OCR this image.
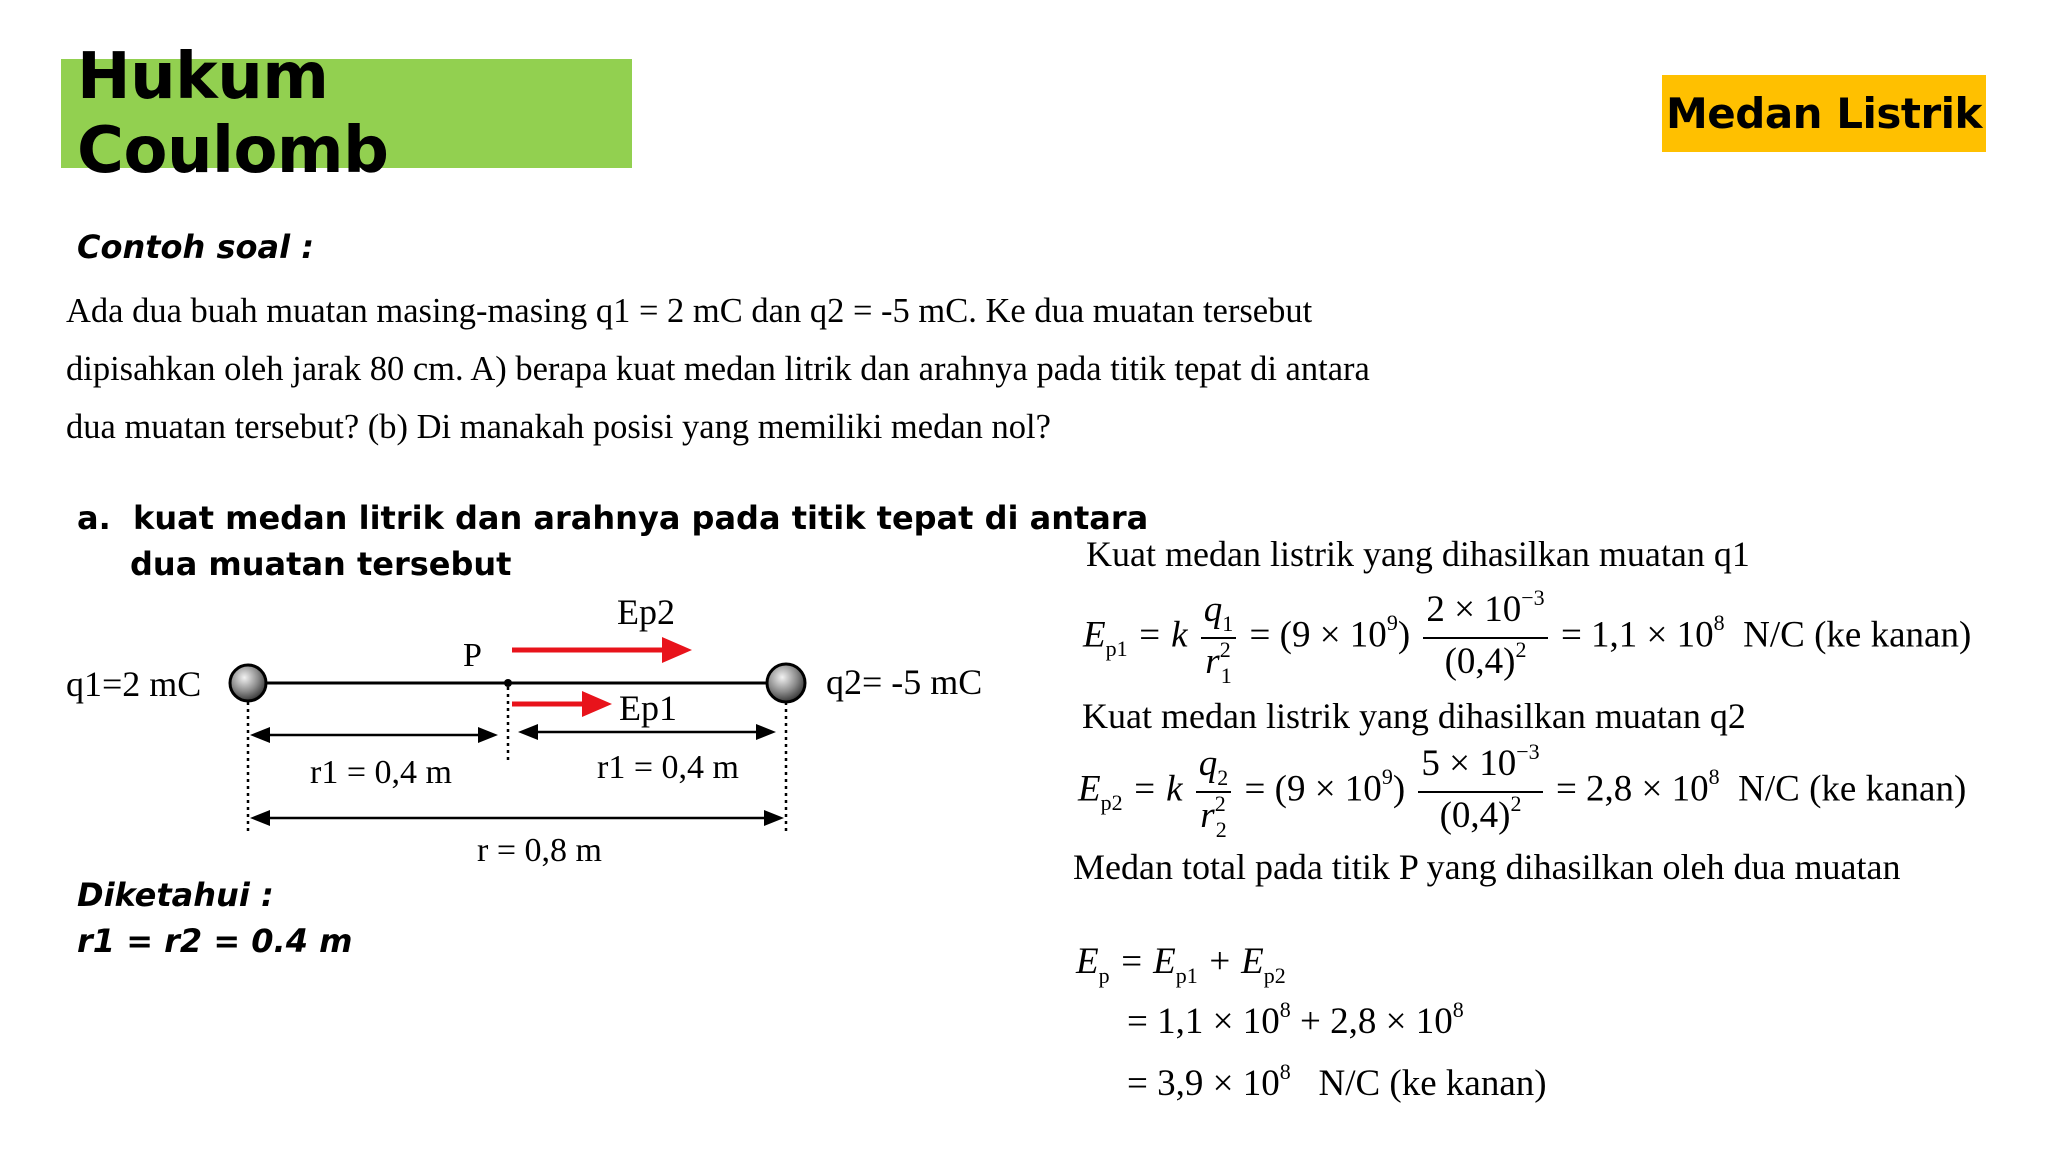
Hukum Coulomb	Medan Listrik
Contoh soal :

Ada dua buah muatan masing-masing q1 = 2 mC dan q2 = -5 mC. Ke dua muatan tersebut

dipisahkan oleh jarak 80 cm. A) berapa kuat medan litrik dan arahnya pada titik tepat di antara

dua muatan tersebut? (b) Di manakah posisi yang memiliki medan nol?

a. kuat medan litrik dan arahnya pada titik tepat di antara
dua muatan tersebut
q1=2 mC	q2= -5 mC
P
Ep2
Ep1
r1 = 0,4 m	r1 = 0,4 m
r = 0,8 m
Diketahui :
r1 = r2 = 0.4 m
Kuat medan listrik yang dihasilkan muatan q1
$E_{p1} = k \frac{q_1}{r^2_1} = (9 \times 10^9) \frac{2 \times 10^{-3}}{(0,4)^2} = 1,1 \times 10^8$ N/C (ke kanan)
Kuat medan listrik yang dihasilkan muatan q2
$E_{p2} = k \frac{q_2}{r^2_2} = (9 \times 10^9) \frac{5 \times 10^{-3}}{(0,4)^2} = 2,8 \times 10^8$ N/C (ke kanan)
Medan total pada titik P yang dihasilkan oleh dua muatan
$E_p = E_{p1} + E_{p2}$
= $1,1 \times 10^8 + 2,8 \times 10^8$
= $3,9 \times 10^8$ N/C (ke kanan)
